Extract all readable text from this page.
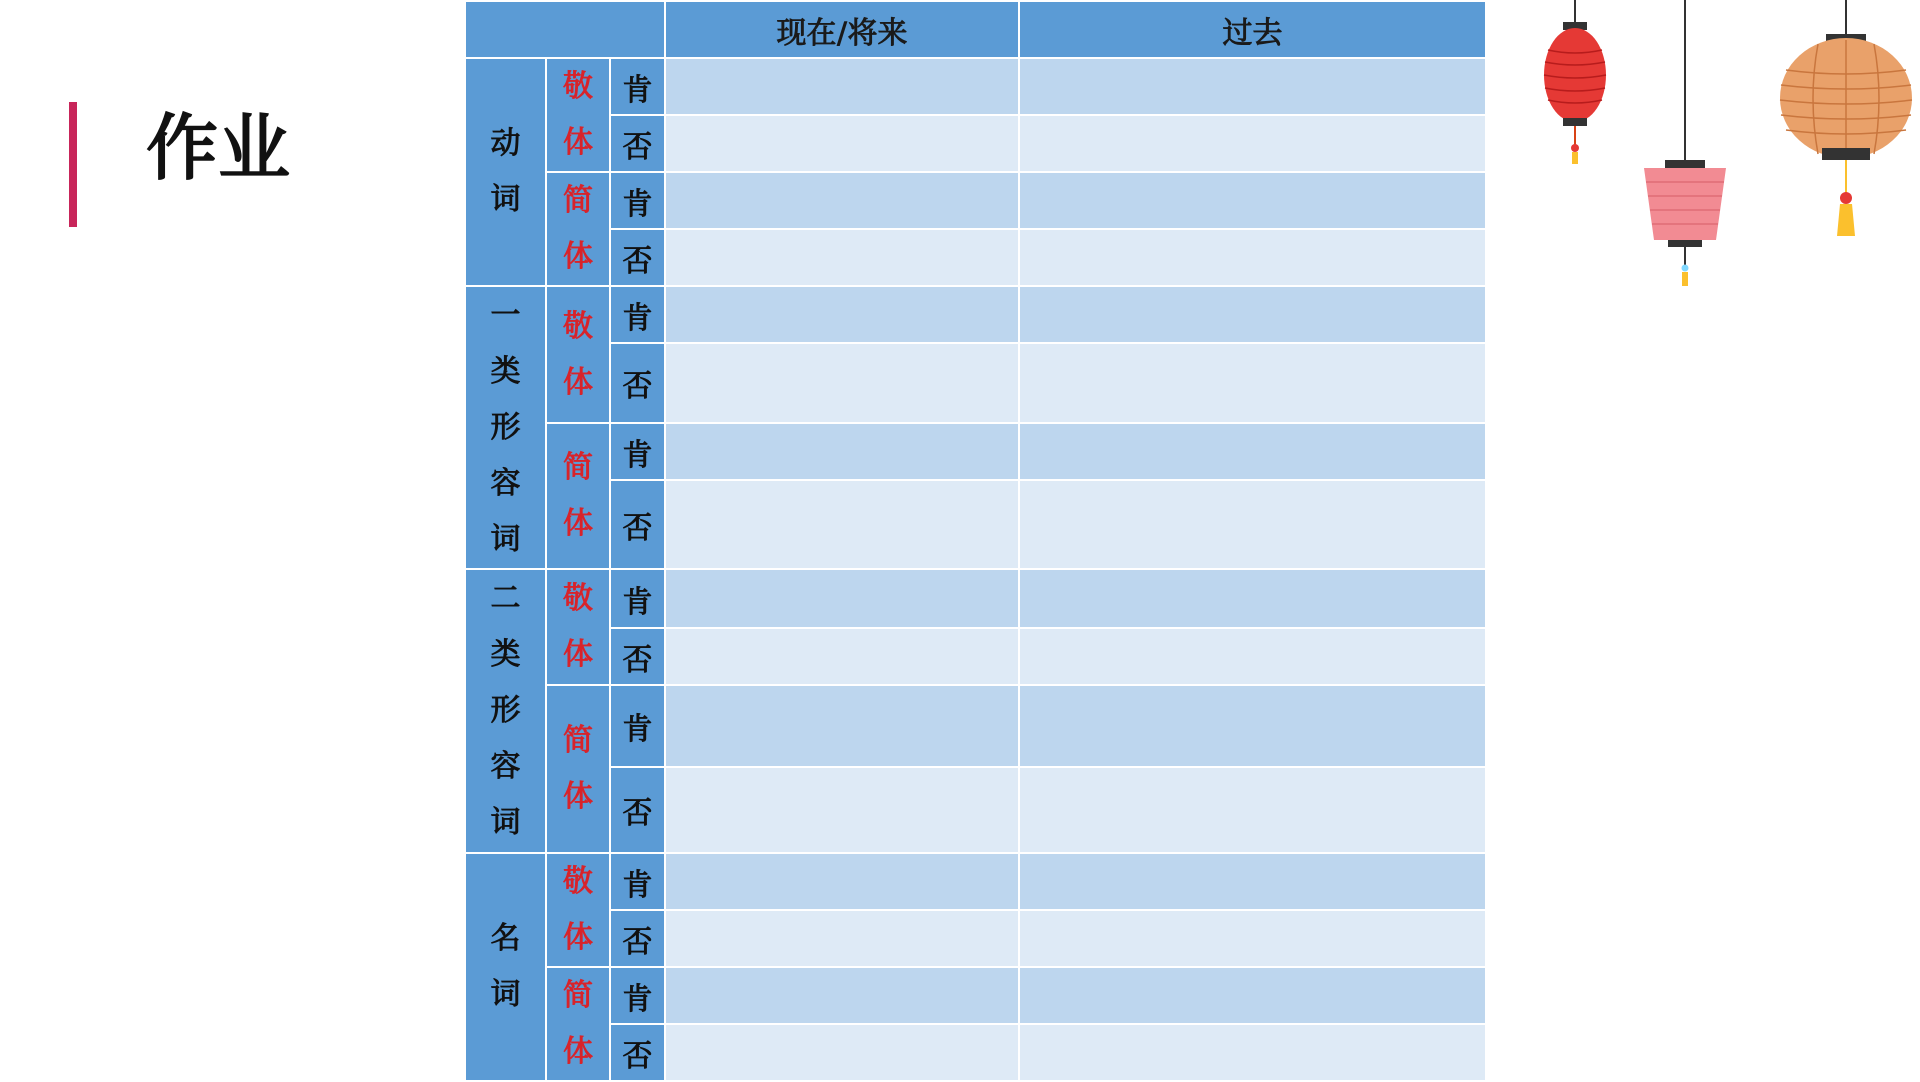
作业
			现在/将来	过去
动词	敬体	肯		
		否		
	简体	肯		
		否		
一类形容词	敬体	肯		
		否		
	简体	肯		
		否		
二类形容词	敬体	肯		
		否		
	简体	肯		
		否		
名词	敬体	肯		
		否		
	简体	肯		
		否		
